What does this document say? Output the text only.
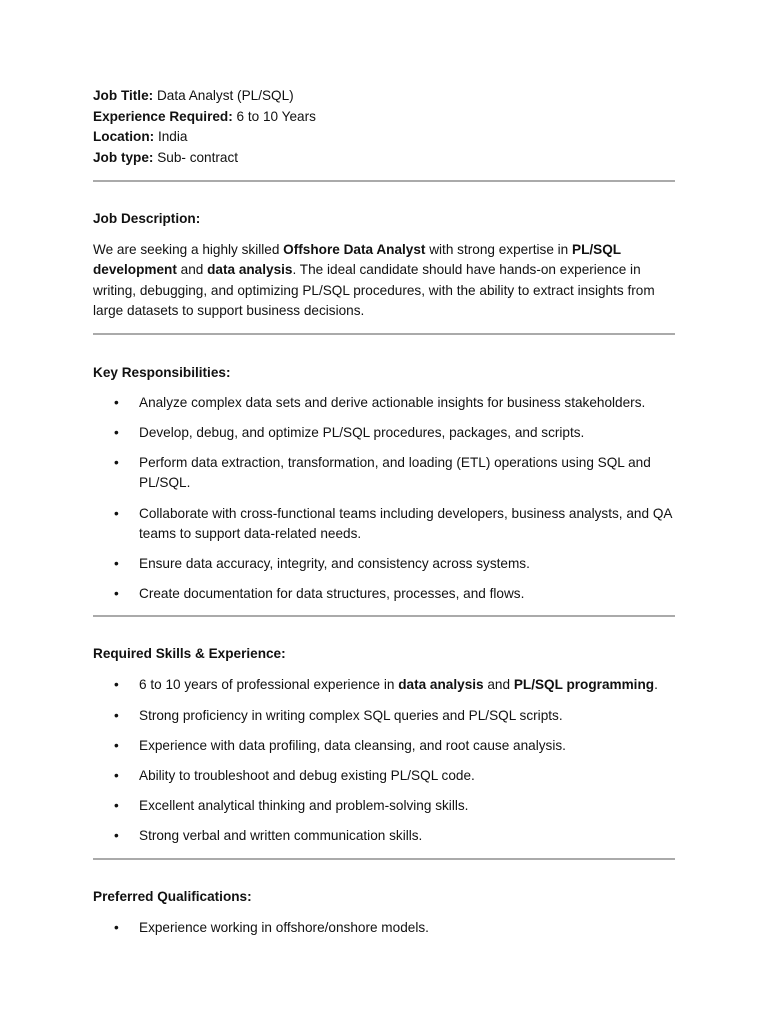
Job Title: Data Analyst (PL/SQL)

Experience Required: 6 to 10 Years

Location: India

Job type: Sub- contract

Job Description:

We are seeking a highly skilled Offshore Data Analyst with strong expertise in PL/SQL development and data analysis. The ideal candidate should have hands-on experience in writing, debugging, and optimizing PL/SQL procedures, with the ability to extract insights from large datasets to support business decisions.

Key Responsibilities:

• Analyze complex data sets and derive actionable insights for business stakeholders.
• Develop, debug, and optimize PL/SQL procedures, packages, and scripts.
• Perform data extraction, transformation, and loading (ETL) operations using SQL and PL/SQL.
• Collaborate with cross-functional teams including developers, business analysts, and QA teams to support data-related needs.
• Ensure data accuracy, integrity, and consistency across systems.
• Create documentation for data structures, processes, and flows.

Required Skills & Experience:

• 6 to 10 years of professional experience in data analysis and PL/SQL programming.
• Strong proficiency in writing complex SQL queries and PL/SQL scripts.
• Experience with data profiling, data cleansing, and root cause analysis.
• Ability to troubleshoot and debug existing PL/SQL code.
• Excellent analytical thinking and problem-solving skills.
• Strong verbal and written communication skills.

Preferred Qualifications:

• Experience working in offshore/onshore models.
